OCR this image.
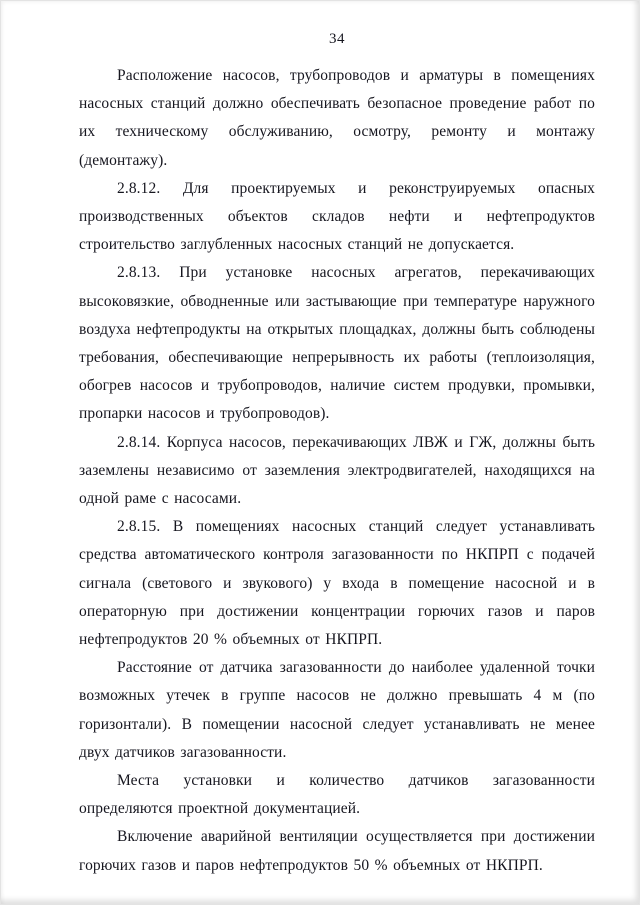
34

Расположение насосов, трубопроводов и арматуры в помещениях насосных станций должно обеспечивать безопасное проведение работ по их техническому обслуживанию, осмотру, ремонту и монтажу (демонтажу).

2.8.12. Для проектируемых и реконструируемых опасных производственных объектов складов нефти и нефтепродуктов строительство заглубленных насосных станций не допускается.

2.8.13. При установке насосных агрегатов, перекачивающих высоковязкие, обводненные или застывающие при температуре наружного воздуха нефтепродукты на открытых площадках, должны быть соблюдены требования, обеспечивающие непрерывность их работы (теплоизоляция, обогрев насосов и трубопроводов, наличие систем продувки, промывки, пропарки насосов и трубопроводов).

2.8.14. Корпуса насосов, перекачивающих ЛВЖ и ГЖ, должны быть заземлены независимо от заземления электродвигателей, находящихся на одной раме с насосами.

2.8.15. В помещениях насосных станций следует устанавливать средства автоматического контроля загазованности по НКПРП с подачей сигнала (светового и звукового) у входа в помещение насосной и в операторную при достижении концентрации горючих газов и паров нефтепродуктов 20 % объемных от НКПРП.

Расстояние от датчика загазованности до наиболее удаленной точки возможных утечек в группе насосов не должно превышать 4 м (по горизонтали). В помещении насосной следует устанавливать не менее двух датчиков загазованности.

Места установки и количество датчиков загазованности определяются проектной документацией.

Включение аварийной вентиляции осуществляется при достижении горючих газов и паров нефтепродуктов 50 % объемных от НКПРП.
